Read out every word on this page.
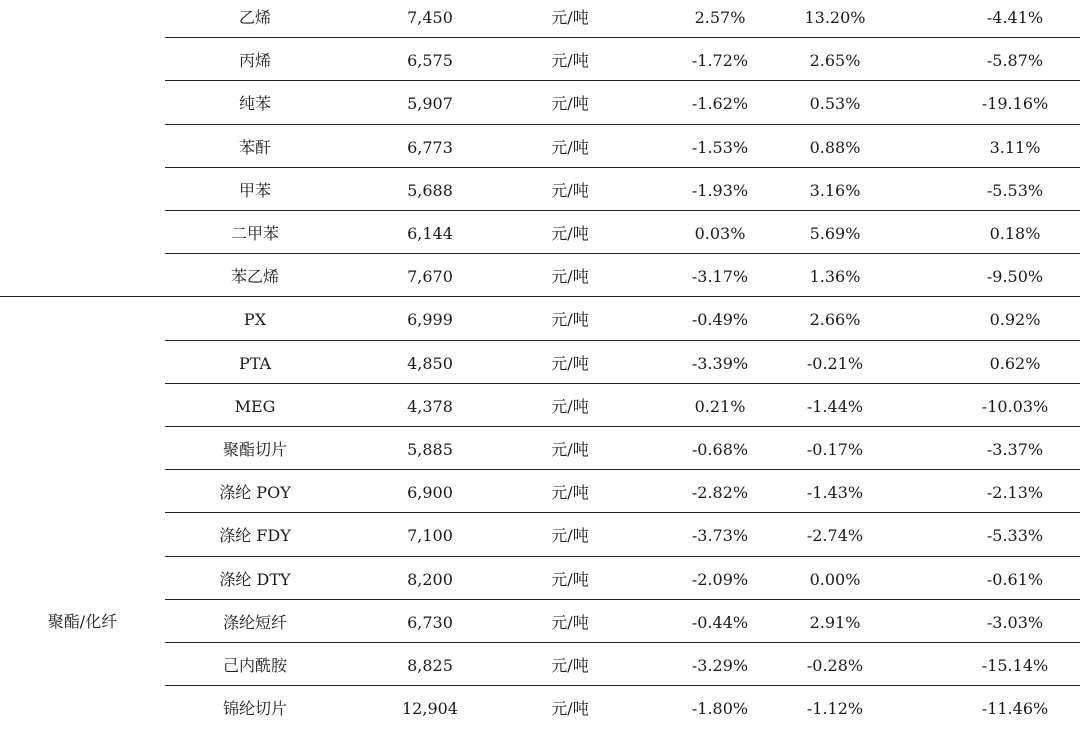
聚酯/化纤
乙烯	7,450	元/吨	2.57%	13.20%	-4.41%
丙烯	6,575	元/吨	-1.72%	2.65%	-5.87%
纯苯	5,907	元/吨	-1.62%	0.53%	-19.16%
苯酐	6,773	元/吨	-1.53%	0.88%	3.11%
甲苯	5,688	元/吨	-1.93%	3.16%	-5.53%
二甲苯	6,144	元/吨	0.03%	5.69%	0.18%
苯乙烯	7,670	元/吨	-3.17%	1.36%	-9.50%
PX	6,999	元/吨	-0.49%	2.66%	0.92%
PTA	4,850	元/吨	-3.39%	-0.21%	0.62%
MEG	4,378	元/吨	0.21%	-1.44%	-10.03%
聚酯切片	5,885	元/吨	-0.68%	-0.17%	-3.37%
涤纶 POY	6,900	元/吨	-2.82%	-1.43%	-2.13%
涤纶 FDY	7,100	元/吨	-3.73%	-2.74%	-5.33%
涤纶 DTY	8,200	元/吨	-2.09%	0.00%	-0.61%
涤纶短纤	6,730	元/吨	-0.44%	2.91%	-3.03%
己内酰胺	8,825	元/吨	-3.29%	-0.28%	-15.14%
锦纶切片	12,904	元/吨	-1.80%	-1.12%	-11.46%
